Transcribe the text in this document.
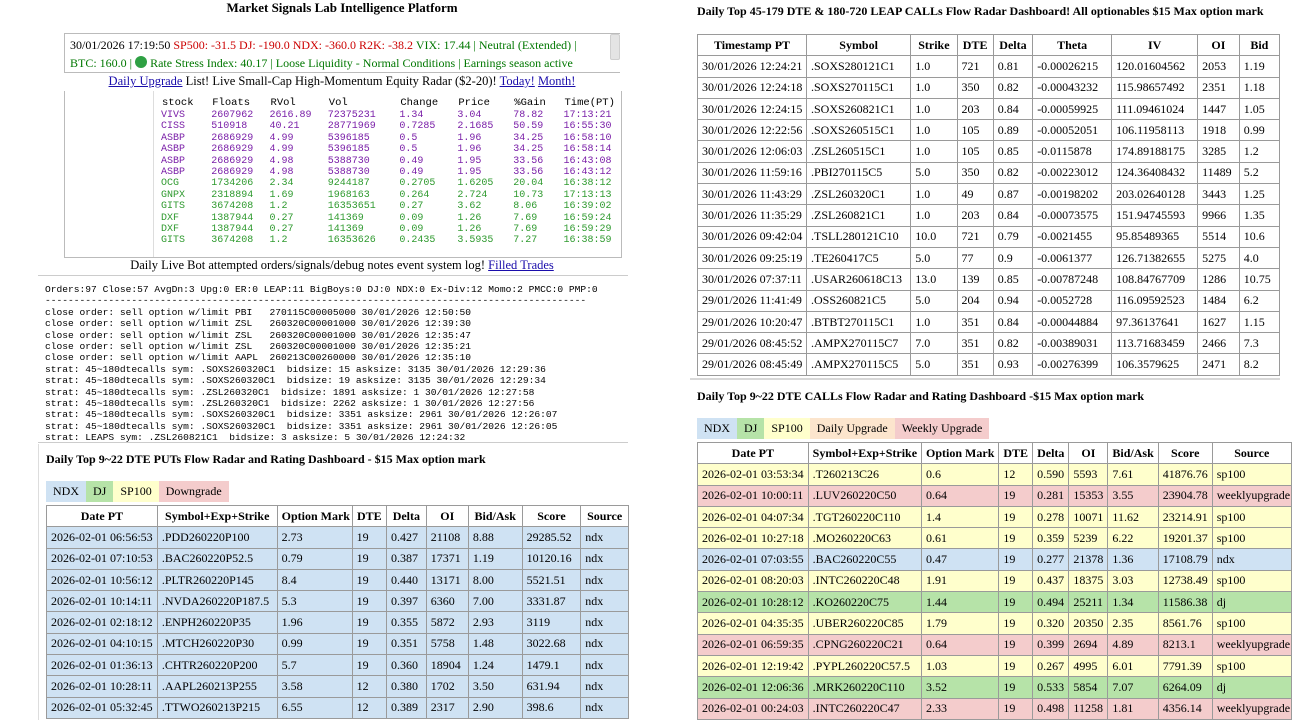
Market Signals Lab Intelligence Platform
30/01/2026 17:19:50 SP500: -31.5 DJ: -190.0 NDX: -360.0 R2K: -38.2 VIX: 17.44 | Neutral (Extended) |
BTC: 160.0 | Rate Stress Index: 40.17 | Loose Liquidity - Normal Conditions | Earnings season active
Daily Upgrade List! Live Small-Cap High-Momentum Equity Radar ($2-20)! Today! Month!
stock	Floats	RVol	Vol	Change	Price	%Gain	Time(PT)
VIVS	2607962	2616.89	72375231	1.34	3.04	78.82	17:13:21
CISS	510918	40.21	28771969	0.7285	2.1685	50.59	16:55:30
ASBP	2686929	4.99	5396185	0.5	1.96	34.25	16:58:10
ASBP	2686929	4.99	5396185	0.5	1.96	34.25	16:58:14
ASBP	2686929	4.98	5388730	0.49	1.95	33.56	16:43:08
ASBP	2686929	4.98	5388730	0.49	1.95	33.56	16:43:12
OCG	1734206	2.34	9244187	0.2705	1.6205	20.04	16:38:12
GNPX	2318894	1.69	1968163	0.264	2.724	10.73	17:13:13
GITS	3674208	1.2	16353651	0.27	3.62	8.06	16:39:02
DXF	1387944	0.27	141369	0.09	1.26	7.69	16:59:24
DXF	1387944	0.27	141369	0.09	1.26	7.69	16:59:29
GITS	3674208	1.2	16353626	0.2435	3.5935	7.27	16:38:59
Daily Live Bot attempted orders/signals/debug notes event system log! Filled Trades
Orders:97 Close:57 AvgDn:3 Upg:0 ER:0 LEAP:11 BigBoys:0 DJ:0 NDX:0 Ex-Div:12 Momo:2 PMCC:0 PMP:0
----------------------------------------------------------------------------------------------
close order: sell option w/limit PBI   270115C00005000 30/01/2026 12:50:50
close order: sell option w/limit ZSL   260320C00001000 30/01/2026 12:39:30
close order: sell option w/limit ZSL   260320C00001000 30/01/2026 12:35:47
close order: sell option w/limit ZSL   260320C00001000 30/01/2026 12:35:21
close order: sell option w/limit AAPL  260213C00260000 30/01/2026 12:35:10
strat: 45~180dtecalls sym: .SOXS260320C1  bidsize: 15 asksize: 3135 30/01/2026 12:29:36
strat: 45~180dtecalls sym: .SOXS260320C1  bidsize: 19 asksize: 3135 30/01/2026 12:29:34
strat: 45~180dtecalls sym: .ZSL260320C1  bidsize: 1891 asksize: 1 30/01/2026 12:27:58
strat: 45~180dtecalls sym: .ZSL260320C1  bidsize: 2262 asksize: 1 30/01/2026 12:27:56
strat: 45~180dtecalls sym: .SOXS260320C1  bidsize: 3351 asksize: 2961 30/01/2026 12:26:07
strat: 45~180dtecalls sym: .SOXS260320C1  bidsize: 3351 asksize: 2961 30/01/2026 12:26:05
strat: LEAPS sym: .ZSL260821C1  bidsize: 3 asksize: 5 30/01/2026 12:24:32
Daily Top 9~22 DTE PUTs Flow Radar and Rating Dashboard - $15 Max option mark
NDX DJ SP100 Downgrade
Date PT	Symbol+Exp+Strike	Option Mark	DTE	Delta	OI	Bid/Ask	Score	Source
2026-02-01 06:56:53	.PDD260220P100	2.73	19	0.427	21108	8.88	29285.52	ndx
2026-02-01 07:10:53	.BAC260220P52.5	0.79	19	0.387	17371	1.19	10120.16	ndx
2026-02-01 10:56:12	.PLTR260220P145	8.4	19	0.440	13171	8.00	5521.51	ndx
2026-02-01 10:14:11	.NVDA260220P187.5	5.3	19	0.397	6360	7.00	3331.87	ndx
2026-02-01 02:18:12	.ENPH260220P35	1.96	19	0.355	5872	2.93	3119	ndx
2026-02-01 04:10:15	.MTCH260220P30	0.99	19	0.351	5758	1.48	3022.68	ndx
2026-02-01 01:36:13	.CHTR260220P200	5.7	19	0.360	18904	1.24	1479.1	ndx
2026-02-01 10:28:11	.AAPL260213P255	3.58	12	0.380	1702	3.50	631.94	ndx
2026-02-01 05:32:45	.TTWO260213P215	6.55	12	0.389	2317	2.90	398.6	ndx
Daily Top 45-179 DTE & 180-720 LEAP CALLs Flow Radar Dashboard! All optionables $15 Max option mark
Timestamp PT	Symbol	Strike	DTE	Delta	Theta	IV	OI	Bid
30/01/2026 12:24:21	.SOXS280121C1	1.0	721	0.81	-0.00026215	120.01604562	2053	1.19
30/01/2026 12:24:18	.SOXS270115C1	1.0	350	0.82	-0.00043232	115.98657492	2351	1.18
30/01/2026 12:24:15	.SOXS260821C1	1.0	203	0.84	-0.00059925	111.09461024	1447	1.05
30/01/2026 12:22:56	.SOXS260515C1	1.0	105	0.89	-0.00052051	106.11958113	1918	0.99
30/01/2026 12:06:03	.ZSL260515C1	1.0	105	0.85	-0.0115878	174.89188175	3285	1.2
30/01/2026 11:59:16	.PBI270115C5	5.0	350	0.82	-0.00223012	124.36408432	11489	5.2
30/01/2026 11:43:29	.ZSL260320C1	1.0	49	0.87	-0.00198202	203.02640128	3443	1.25
30/01/2026 11:35:29	.ZSL260821C1	1.0	203	0.84	-0.00073575	151.94745593	9966	1.35
30/01/2026 09:42:04	.TSLL280121C10	10.0	721	0.79	-0.0021455	95.85489365	5514	10.6
30/01/2026 09:25:19	.TE260417C5	5.0	77	0.9	-0.0061377	126.71382655	5275	4.0
30/01/2026 07:37:11	.USAR260618C13	13.0	139	0.85	-0.00787248	108.84767709	1286	10.75
29/01/2026 11:41:49	.OSS260821C5	5.0	204	0.94	-0.0052728	116.09592523	1484	6.2
29/01/2026 10:20:47	.BTBT270115C1	1.0	351	0.84	-0.00044884	97.36137641	1627	1.15
29/01/2026 08:45:52	.AMPX270115C7	7.0	351	0.82	-0.00389031	113.71683459	2466	7.3
29/01/2026 08:45:49	.AMPX270115C5	5.0	351	0.93	-0.00276399	106.3579625	2471	8.2
Daily Top 9~22 DTE CALLs Flow Radar and Rating Dashboard -$15 Max option mark
NDX DJ SP100 Daily Upgrade Weekly Upgrade
Date PT	Symbol+Exp+Strike	Option Mark	DTE	Delta	OI	Bid/Ask	Score	Source
2026-02-01 03:53:34	.T260213C26	0.6	12	0.590	5593	7.61	41876.76	sp100
2026-02-01 10:00:11	.LUV260220C50	0.64	19	0.281	15353	3.55	23904.78	weeklyupgrade
2026-02-01 04:07:34	.TGT260220C110	1.4	19	0.278	10071	11.62	23214.91	sp100
2026-02-01 10:27:18	.MO260220C63	0.61	19	0.359	5239	6.22	19201.37	sp100
2026-02-01 07:03:55	.BAC260220C55	0.47	19	0.277	21378	1.36	17108.79	ndx
2026-02-01 08:20:03	.INTC260220C48	1.91	19	0.437	18375	3.03	12738.49	sp100
2026-02-01 10:28:12	.KO260220C75	1.44	19	0.494	25211	1.34	11586.38	dj
2026-02-01 04:35:35	.UBER260220C85	1.79	19	0.320	20350	2.35	8561.76	sp100
2026-02-01 06:59:35	.CPNG260220C21	0.64	19	0.399	2694	4.89	8213.1	weeklyupgrade
2026-02-01 12:19:42	.PYPL260220C57.5	1.03	19	0.267	4995	6.01	7791.39	sp100
2026-02-01 12:06:36	.MRK260220C110	3.52	19	0.533	5854	7.07	6264.09	dj
2026-02-01 00:24:03	.INTC260220C47	2.33	19	0.498	11258	1.81	4356.14	weeklyupgrade
